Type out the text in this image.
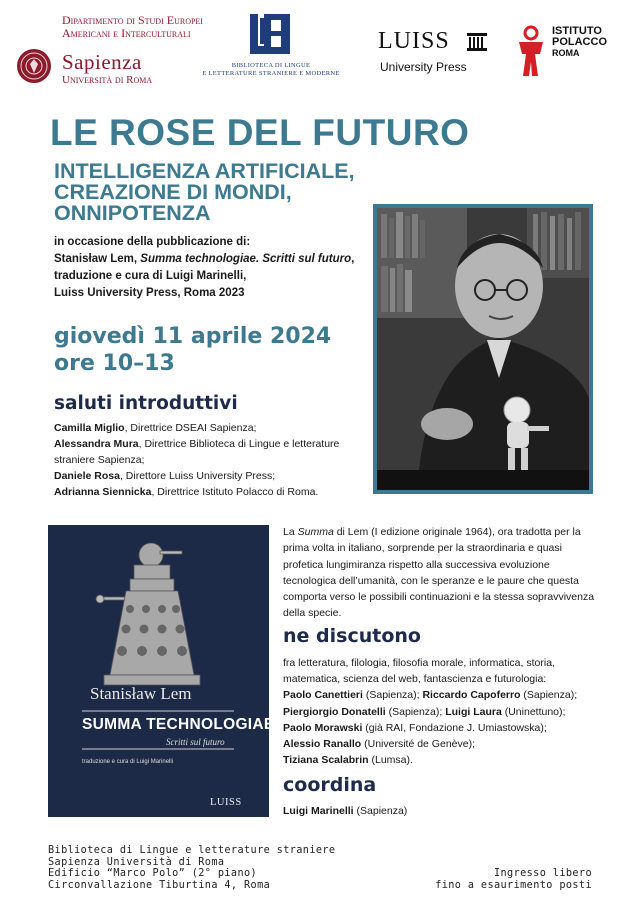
Dipartimento di Studi Europei
Americani e Interculturali
Sapienza
Università di Roma
BIBLIOTECA DI LINGUE
E LETTERATURE STRANIERE E MODERNE
LUISS
University Press
ISTITUTO
POLACCO
ROMA
LE ROSE DEL FUTURO
INTELLIGENZA ARTIFICIALE,
CREAZIONE DI MONDI,
ONNIPOTENZA
in occasione della pubblicazione di:
Stanisław Lem, Summa technologiae. Scritti sul futuro, traduzione e cura di Luigi Marinelli,
Luiss University Press, Roma 2023
giovedì 11 aprile 2024
ore 10–13
saluti introduttivi
Camilla Miglio, Direttrice DSEAI Sapienza;
Alessandra Mura, Direttrice Biblioteca di Lingue e letterature straniere Sapienza;
Daniele Rosa, Direttore Luiss University Press;
Adrianna Siennicka, Direttrice Istituto Polacco di Roma.
Stanisław Lem
SUMMA TECHNOLOGIAE
Scritti sul futuro
traduzione e cura di Luigi Marinelli
LUISS
La Summa di Lem (I edizione originale 1964), ora tradotta per la prima volta in italiano, sorprende per la straordinaria e quasi profetica lungimiranza rispetto alla successiva evoluzione tecnologica dell’umanità, con le speranze e le paure che questa comporta verso le possibili continuazioni e la stessa sopravvivenza della specie.
ne discutono
fra letteratura, filologia, filosofia morale, informatica, storia, matematica, scienza del web, fantascienza e futurologia:
Paolo Canettieri (Sapienza); Riccardo Capoferro (Sapienza);
Piergiorgio Donatelli (Sapienza); Luigi Laura (Uninettuno);
Paolo Morawski (già RAI, Fondazione J. Umiastowska);
Alessio Ranallo (Université de Genève);
Tiziana Scalabrin (Lumsa).
coordina
Luigi Marinelli (Sapienza)
Biblioteca di Lingue e letterature straniere
Sapienza Università di Roma
Edificio “Marco Polo” (2° piano)
Circonvallazione Tiburtina 4, Roma
Ingresso libero
fino a esaurimento posti
